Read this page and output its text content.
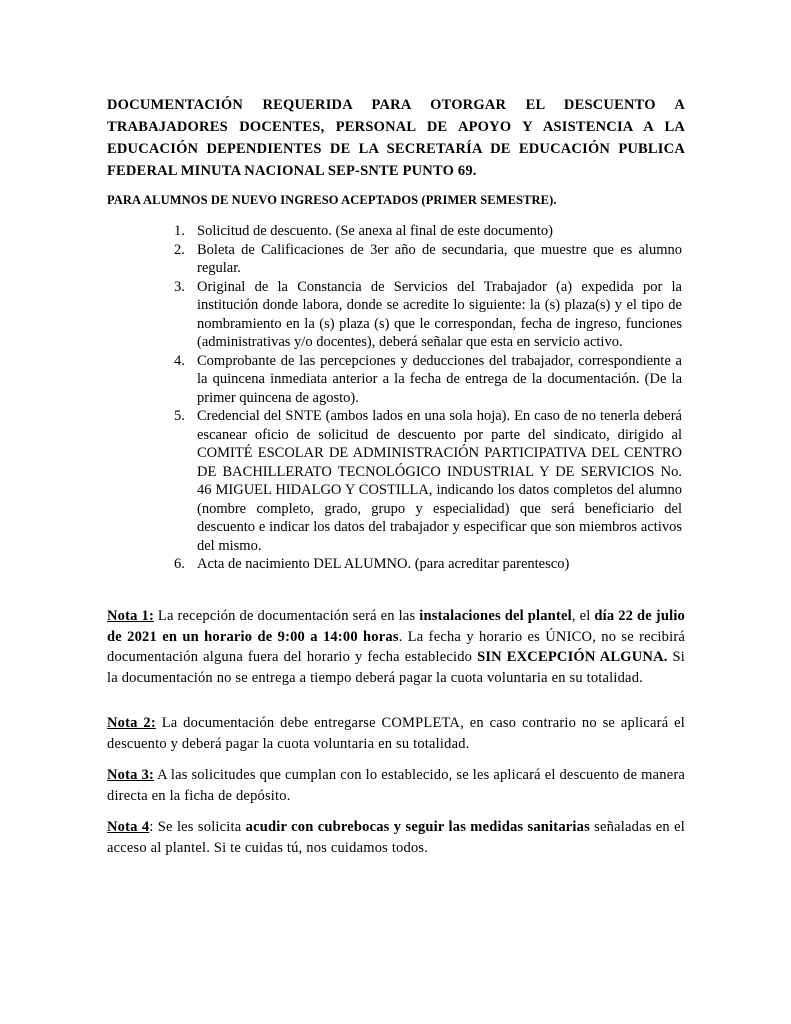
DOCUMENTACIÓN REQUERIDA PARA OTORGAR EL DESCUENTO A TRABAJADORES DOCENTES, PERSONAL DE APOYO Y ASISTENCIA A LA EDUCACIÓN DEPENDIENTES DE LA SECRETARÍA DE EDUCACIÓN PUBLICA FEDERAL MINUTA NACIONAL SEP-SNTE PUNTO 69.
PARA ALUMNOS DE NUEVO INGRESO ACEPTADOS (PRIMER SEMESTRE).
1. Solicitud de descuento. (Se anexa al final de este documento)
2. Boleta de Calificaciones de 3er año de secundaria, que muestre que es alumno regular.
3. Original de la Constancia de Servicios del Trabajador (a) expedida por la institución donde labora, donde se acredite lo siguiente: la (s) plaza(s) y el tipo de nombramiento en la (s) plaza (s) que le correspondan, fecha de ingreso, funciones (administrativas y/o docentes), deberá señalar que esta en servicio activo.
4. Comprobante de las percepciones y deducciones del trabajador, correspondiente a la quincena inmediata anterior a la fecha de entrega de la documentación. (De la primer quincena de agosto).
5. Credencial del SNTE (ambos lados en una sola hoja). En caso de no tenerla deberá escanear oficio de solicitud de descuento por parte del sindicato, dirigido al COMITÉ ESCOLAR DE ADMINISTRACIÓN PARTICIPATIVA DEL CENTRO DE BACHILLERATO TECNOLÓGICO INDUSTRIAL Y DE SERVICIOS No. 46 MIGUEL HIDALGO Y COSTILLA, indicando los datos completos del alumno (nombre completo, grado, grupo y especialidad) que será beneficiario del descuento e indicar los datos del trabajador y especificar que son miembros activos del mismo.
6. Acta de nacimiento DEL ALUMNO. (para acreditar parentesco)

Nota 1: La recepción de documentación será en las instalaciones del plantel, el día 22 de julio de 2021 en un horario de 9:00 a 14:00 horas. La fecha y horario es ÚNICO, no se recibirá documentación alguna fuera del horario y fecha establecido SIN EXCEPCIÓN ALGUNA. Si la documentación no se entrega a tiempo deberá pagar la cuota voluntaria en su totalidad.

Nota 2: La documentación debe entregarse COMPLETA, en caso contrario no se aplicará el descuento y deberá pagar la cuota voluntaria en su totalidad.

Nota 3: A las solicitudes que cumplan con lo establecido, se les aplicará el descuento de manera directa en la ficha de depósito.

Nota 4: Se les solicita acudir con cubrebocas y seguir las medidas sanitarias señaladas en el acceso al plantel. Si te cuidas tú, nos cuidamos todos.
